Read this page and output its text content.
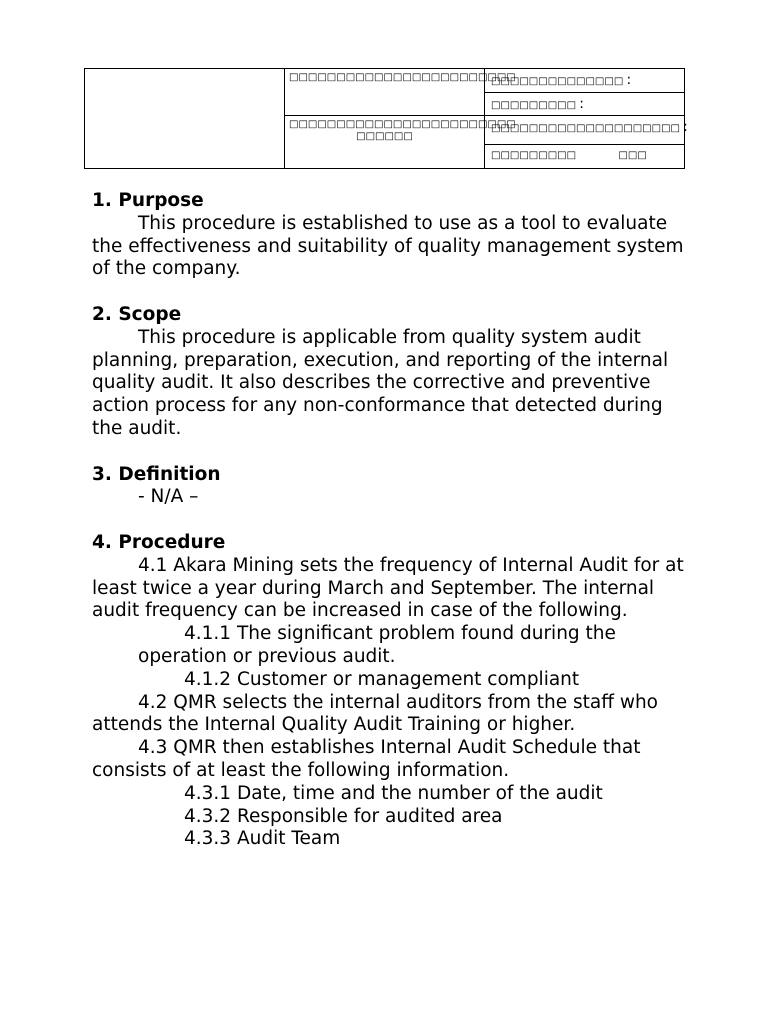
	□□□□□□□□□□□□□□□□□□□□□□□□	□□□□□□□□□□□□□□ :
		□□□□□□□□□ :
	□□□□□□□□□□□□□□□□□□□□□□□□ □□□□□□	□□□□□□□□□□□□□□□□□□□□ :
		□□□□□□□□□ □□□

1. Purpose

This procedure is established to use as a tool to evaluate the effectiveness and suitability of quality management system of the company.

2. Scope

This procedure is applicable from quality system audit planning, preparation, execution, and reporting of the internal quality audit. It also describes the corrective and preventive action process for any non-conformance that detected during the audit.

3. Definition

- N/A –

4. Procedure

4.1 Akara Mining sets the frequency of Internal Audit for at least twice a year during March and September. The internal audit frequency can be increased in case of the following.

4.1.1 The significant problem found during the operation or previous audit.

4.1.2 Customer or management compliant

4.2 QMR selects the internal auditors from the staff who attends the Internal Quality Audit Training or higher.

4.3 QMR then establishes Internal Audit Schedule that consists of at least the following information.

4.3.1 Date, time and the number of the audit

4.3.2 Responsible for audited area

4.3.3 Audit Team
